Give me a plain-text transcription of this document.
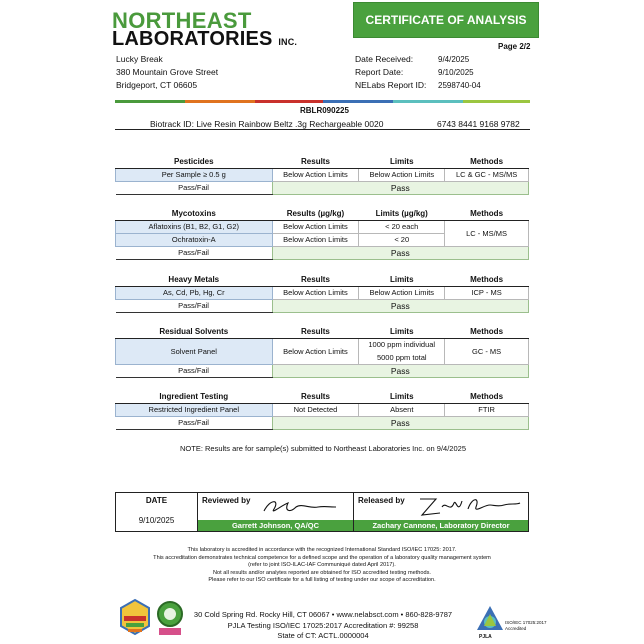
NORTHEAST
LABORATORIES INC.
CERTIFICATE OF ANALYSIS
Page 2/2
Lucky Break
380 Mountain Grove Street
Bridgeport, CT 06605
Date Received:	9/4/2025
Report Date:	9/10/2025
NELabs Report ID: 2598740-04
RBLR090225
Biotrack ID: Live Resin Rainbow Beltz .3g Rechargeable 0020	6743 8441 9168 9782
Pesticides	Results	Limits	Methods
Per Sample ≥ 0.5 g	Below Action Limits	Below Action Limits	LC & GC - MS/MS
Pass/Fail	Pass		
Mycotoxins	Results (µg/kg)	Limits (µg/kg)	Methods
Aflatoxins (B1, B2, G1, G2)	Below Action Limits	< 20 each	LC - MS/MS
Ochratoxin-A	Below Action Limits	< 20	
Pass/Fail	Pass		
Heavy Metals	Results	Limits	Methods
As, Cd, Pb, Hg, Cr	Below Action Limits	Below Action Limits	ICP - MS
Pass/Fail	Pass		
Residual Solvents	Results	Limits	Methods
Solvent Panel	Below Action Limits	1000 ppm individual	GC - MS
		5000 ppm total	
Pass/Fail	Pass		
Ingredient Testing	Results	Limits	Methods
Restricted Ingredient Panel	Not Detected	Absent	FTIR
Pass/Fail	Pass		
NOTE: Results are for sample(s) submitted to Northeast Laboratories Inc. on 9/4/2025
DATE
9/10/2025
Reviewed by
Garrett Johnson, QA/QC
Released by
Zachary Cannone, Laboratory Director
This laboratory is accredited in accordance with the recognized International Standard ISO/IEC 17025: 2017.
This accreditation demonstrates technical competence for a defined scope and the operation of a laboratory quality management system
(refer to joint ISO-ILAC-IAF Communiqué dated April 2017).
Not all results and/or analytes reported are obtained for ISO accredited testing methods.
Please refer to our ISO certificate for a full listing of testing under our scope of accreditation.
30 Cold Spring Rd. Rocky Hill, CT 06067 • www.nelabsct.com • 860-828-9787
PJLA Testing ISO/IEC 17025:2017 Accreditation #: 99258
State of CT: ACTL.0000004	PJLA
ISO/IEC 17025:2017
Accredited
